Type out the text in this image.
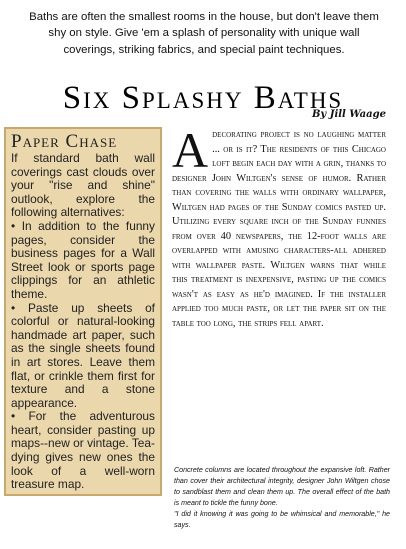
Baths are often the smallest rooms in the house, but don't leave them shy on style. Give 'em a splash of personality with unique wall coverings, striking fabrics, and special paint techniques.
Six Splashy Baths
By Jill Waage
Paper Chase

If standard bath wall coverings cast clouds over your "rise and shine" outlook, explore the following alternatives:

• In addition to the funny pages, consider the business pages for a Wall Street look or sports page clippings for an athletic theme.

• Paste up sheets of colorful or natural-looking handmade art paper, such as the single sheets found in art stores. Leave them flat, or crinkle them first for texture and a stone appearance.

• For the adventurous heart, consider pasting up maps--new or vintage. Tea-dying gives new ones the look of a well-worn treasure map.

A decorating project is no laughing matter ... or is it? The residents of this Chicago loft begin each day with a grin, thanks to designer John Wiltgen's sense of humor. Rather than covering the walls with ordinary wallpaper, Wiltgen had pages of the Sunday comics pasted up. Utilizing every square inch of the Sunday funnies from over 40 newspapers, the 12-foot walls are overlapped with amusing characters-all adhered with wallpaper paste. Wiltgen warns that while this treatment is inexpensive, pasting up the comics wasn't as easy as he'd imagined. If the installer applied too much paste, or let the paper sit on the table too long, the strips fell apart.

Concrete columns are located throughout the expansive loft. Rather than cover their architectural integrity, designer John Wiltgen chose to sandblast them and clean them up. The overall effect of the bath is meant to tickle the funny bone.

"I did it knowing it was going to be whimsical and memorable," he says.
